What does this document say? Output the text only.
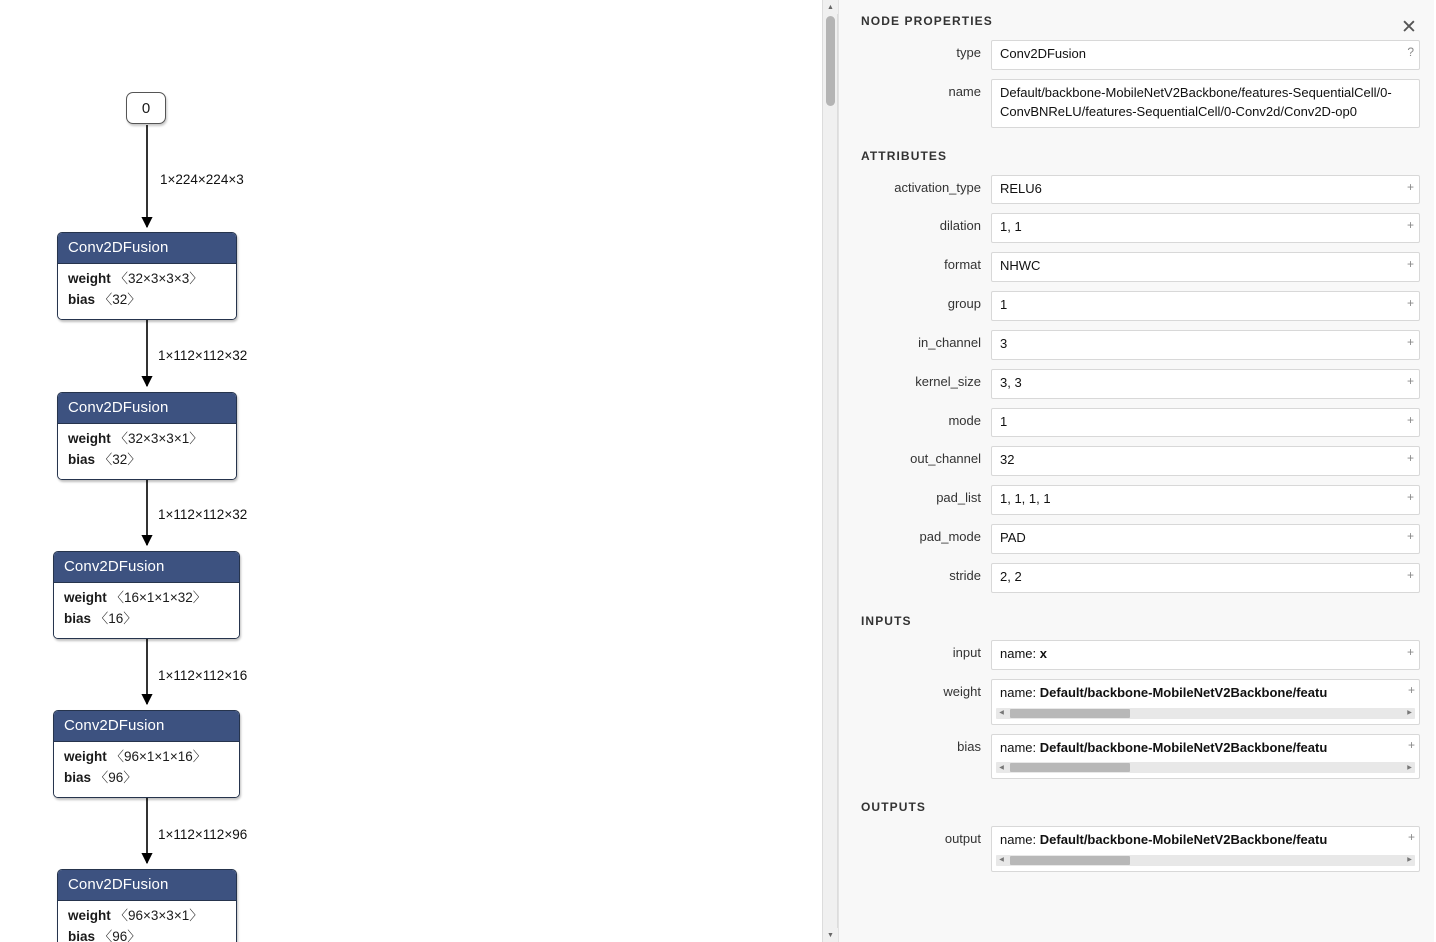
0
1×224×224×3
1×112×112×32
1×112×112×32
1×112×112×16
1×112×112×96
Conv2DFusion
weight 〈32×3×3×3〉
bias 〈32〉
Conv2DFusion
weight 〈32×3×3×1〉
bias 〈32〉
Conv2DFusion
weight 〈16×1×1×32〉
bias 〈16〉
Conv2DFusion
weight 〈96×1×1×16〉
bias 〈96〉
Conv2DFusion
weight 〈96×3×3×1〉
bias 〈96〉
▲
▼
✕
NODE PROPERTIES
type	Conv2DFusion	?
name	Default/backbone-MobileNetV2Backbone/features-SequentialCell/0-ConvBNReLU/features-SequentialCell/0-Conv2d/Conv2D-op0
ATTRIBUTES
activation_type	RELU6	+
dilation	1, 1	+
format	NHWC	+
group	1	+
in_channel	3	+
kernel_size	3, 3	+
mode	1	+
out_channel	32	+
pad_list	1, 1, 1, 1	+
pad_mode	PAD	+
stride	2, 2	+
INPUTS
input	name: x	+
weight	name: Default/backbone-MobileNetV2Backbone/featu	+
◀	▶
bias	name: Default/backbone-MobileNetV2Backbone/featu	+
◀	▶
OUTPUTS
output	name: Default/backbone-MobileNetV2Backbone/featu	+
◀	▶
